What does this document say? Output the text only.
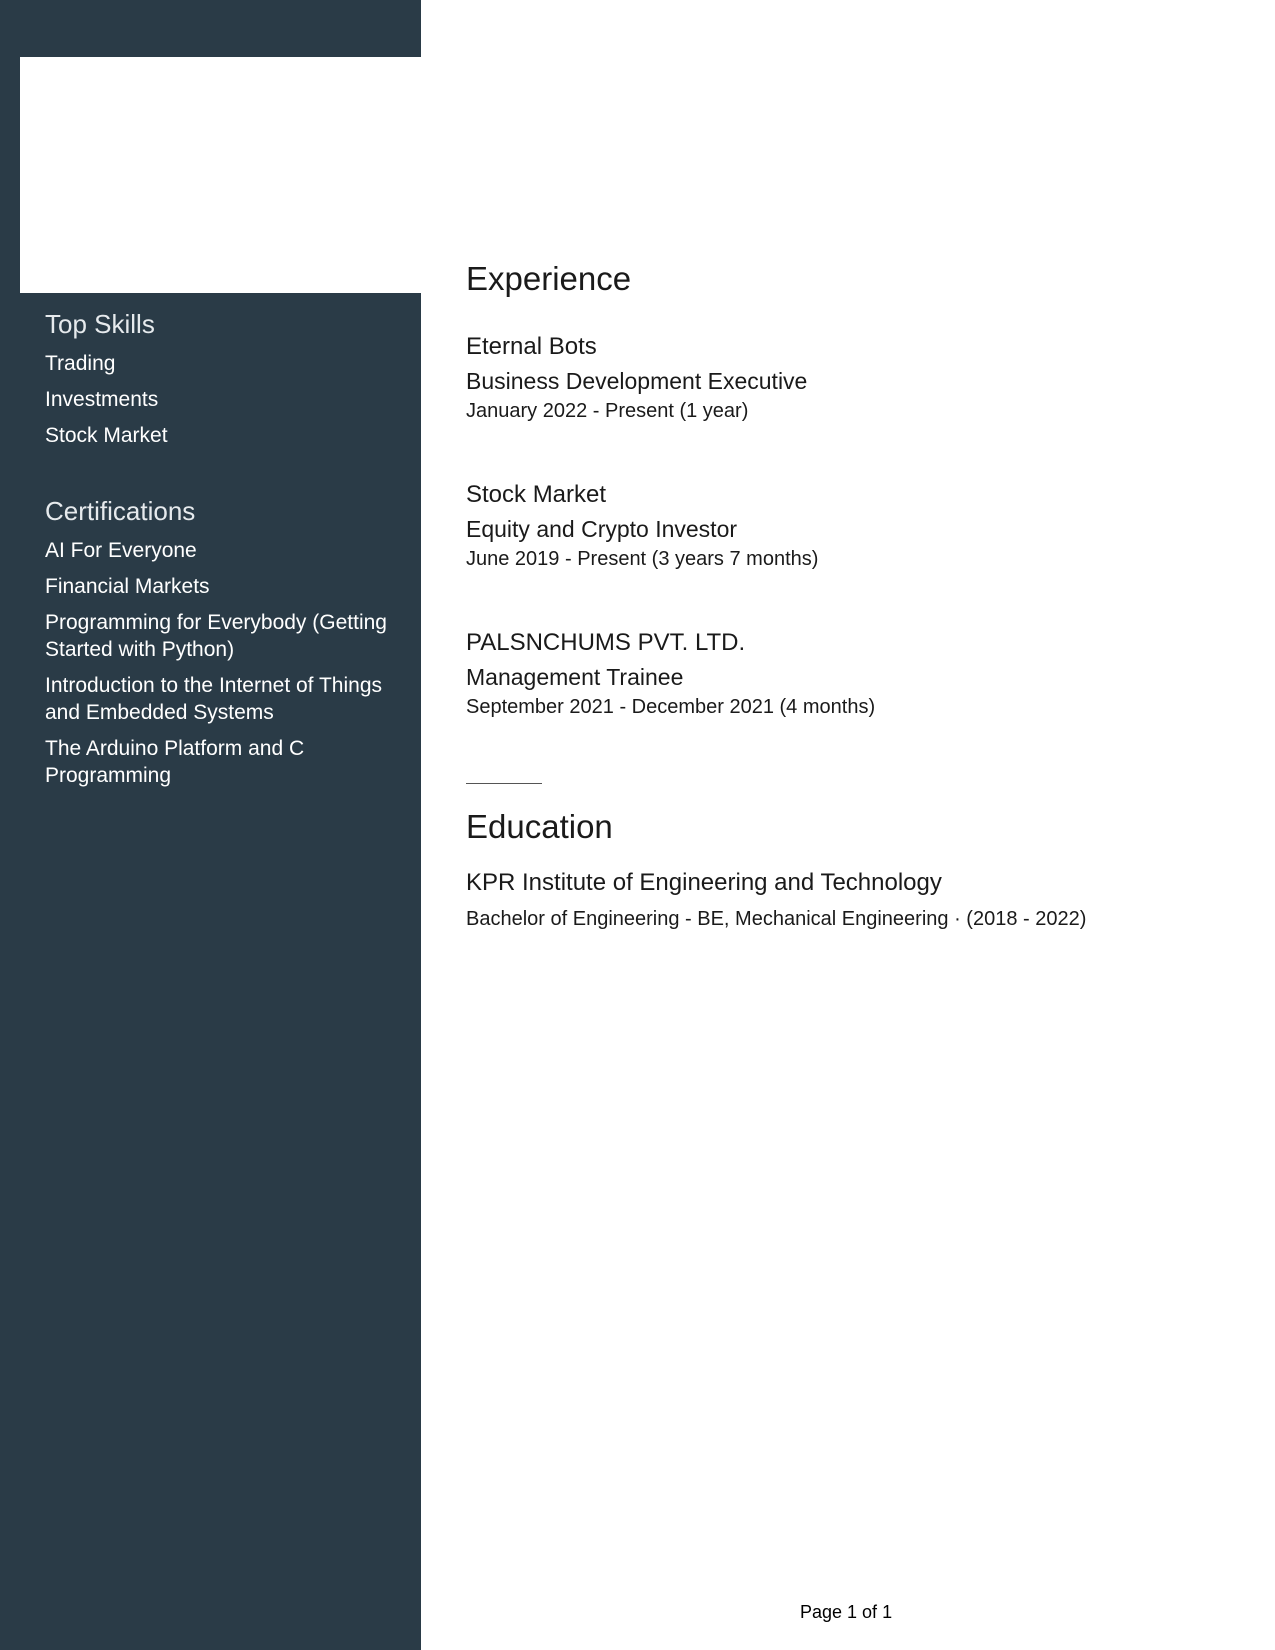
Top Skills
Trading
Investments
Stock Market
Certifications
AI For Everyone
Financial Markets
Programming for Everybody (Getting Started with Python)
Introduction to the Internet of Things and Embedded Systems
The Arduino Platform and C Programming
Experience

Eternal Bots

Business Development Executive

January 2022 - Present (1 year)

Stock Market

Equity and Crypto Investor

June 2019 - Present (3 years 7 months)

PALSNCHUMS PVT. LTD.

Management Trainee

September 2021 - December 2021 (4 months)

Education

KPR Institute of Engineering and Technology

Bachelor of Engineering - BE, Mechanical Engineering · (2018 - 2022)

Page 1 of 1
